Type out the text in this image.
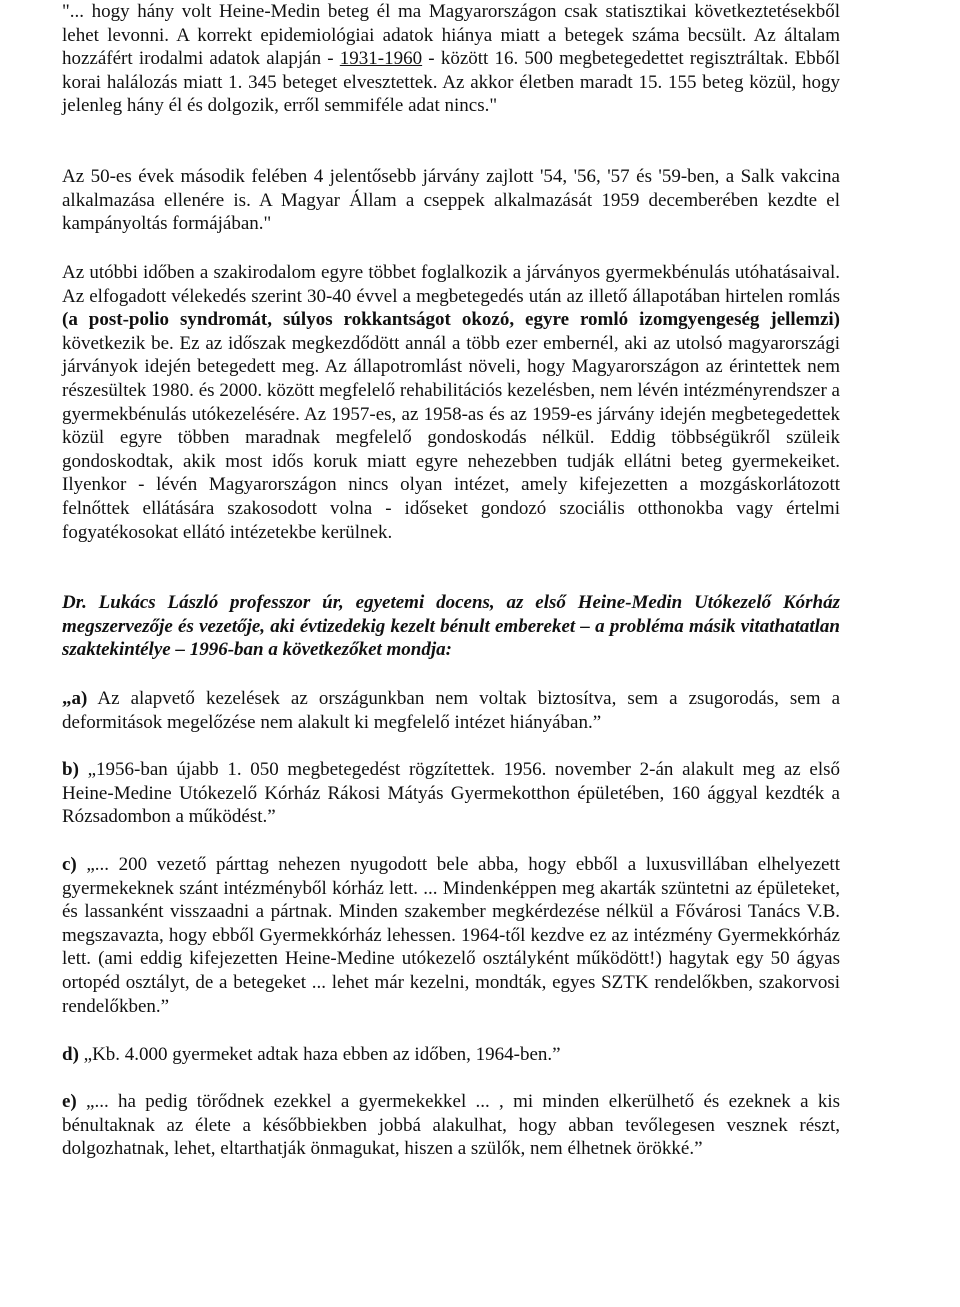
"... hogy hány volt Heine-Medin beteg él ma Magyarországon csak statisztikai következtetésekből lehet levonni. A korrekt epidemiológiai adatok hiánya miatt a betegek száma becsült. Az általam hozzáfért irodalmi adatok alapján - 1931-1960 - között 16. 500 megbetegedettet regisztráltak. Ebből korai halálozás miatt 1. 345 beteget elvesztettek. Az akkor életben maradt 15. 155 beteg közül, hogy jelenleg hány él és dolgozik, erről semmiféle adat nincs."

Az 50-es évek második felében 4 jelentősebb járvány zajlott '54, '56, '57 és '59-ben, a Salk vakcina alkalmazása ellenére is. A Magyar Állam a cseppek alkalmazását 1959 decemberében kezdte el kampányoltás formájában."

Az utóbbi időben a szakirodalom egyre többet foglalkozik a járványos gyermekbénulás utóhatásaival. Az elfogadott vélekedés szerint 30-40 évvel a megbetegedés után az illető állapotában hirtelen romlás (a post-polio syndromát, súlyos rokkantságot okozó, egyre romló izomgyengeség jellemzi) következik be. Ez az időszak megkezdődött annál a több ezer embernél, aki az utolsó magyarországi járványok idején betegedett meg. Az állapotromlást növeli, hogy Magyarországon az érintettek nem részesültek 1980. és 2000. között megfelelő rehabilitációs kezelésben, nem lévén intézményrendszer a gyermekbénulás utókezelésére. Az 1957-es, az 1958-as és az 1959-es járvány idején megbetegedettek közül egyre többen maradnak megfelelő gondoskodás nélkül. Eddig többségükről szüleik gondoskodtak, akik most idős koruk miatt egyre nehezebben tudják ellátni beteg gyermekeiket. Ilyenkor - lévén Magyarországon nincs olyan intézet, amely kifejezetten a mozgáskorlátozott felnőttek ellátására szakosodott volna - időseket gondozó szociális otthonokba vagy értelmi fogyatékosokat ellátó intézetekbe kerülnek.

Dr. Lukács László professzor úr, egyetemi docens, az első Heine-Medin Utókezelő Kórház megszervezője és vezetője, aki évtizedekig kezelt bénult embereket – a probléma másik vitathatatlan szaktekintélye – 1996-ban a következőket mondja:

„a) Az alapvető kezelések az országunkban nem voltak biztosítva, sem a zsugorodás, sem a deformitások megelőzése nem alakult ki megfelelő intézet hiányában.”

b) „1956-ban újabb 1. 050 megbetegedést rögzítettek. 1956. november 2-án alakult meg az első Heine-Medine Utókezelő Kórház Rákosi Mátyás Gyermekotthon épületében, 160 ággyal kezdték a Rózsadombon a működést.”

c) „... 200 vezető párttag nehezen nyugodott bele abba, hogy ebből a luxusvillában elhelyezett gyermekeknek szánt intézményből kórház lett. ... Mindenképpen meg akarták szüntetni az épületeket, és lassanként visszaadni a pártnak. Minden szakember megkérdezése nélkül a Fővárosi Tanács V.B. megszavazta, hogy ebből Gyermekkórház lehessen. 1964-től kezdve ez az intézmény Gyermekkórház lett. (ami eddig kifejezetten Heine-Medine utókezelő osztályként működött!) hagytak egy 50 ágyas ortopéd osztályt, de a betegeket ... lehet már kezelni, mondták, egyes SZTK rendelőkben, szakorvosi rendelőkben.”

d) „Kb. 4.000 gyermeket adtak haza ebben az időben, 1964-ben.”

e) „... ha pedig törődnek ezekkel a gyermekekkel ... , mi minden elkerülhető és ezeknek a kis bénultaknak az élete a későbbiekben jobbá alakulhat, hogy abban tevőlegesen vesznek részt, dolgozhatnak, lehet, eltarthatják önmagukat, hiszen a szülők, nem élhetnek örökké.”
